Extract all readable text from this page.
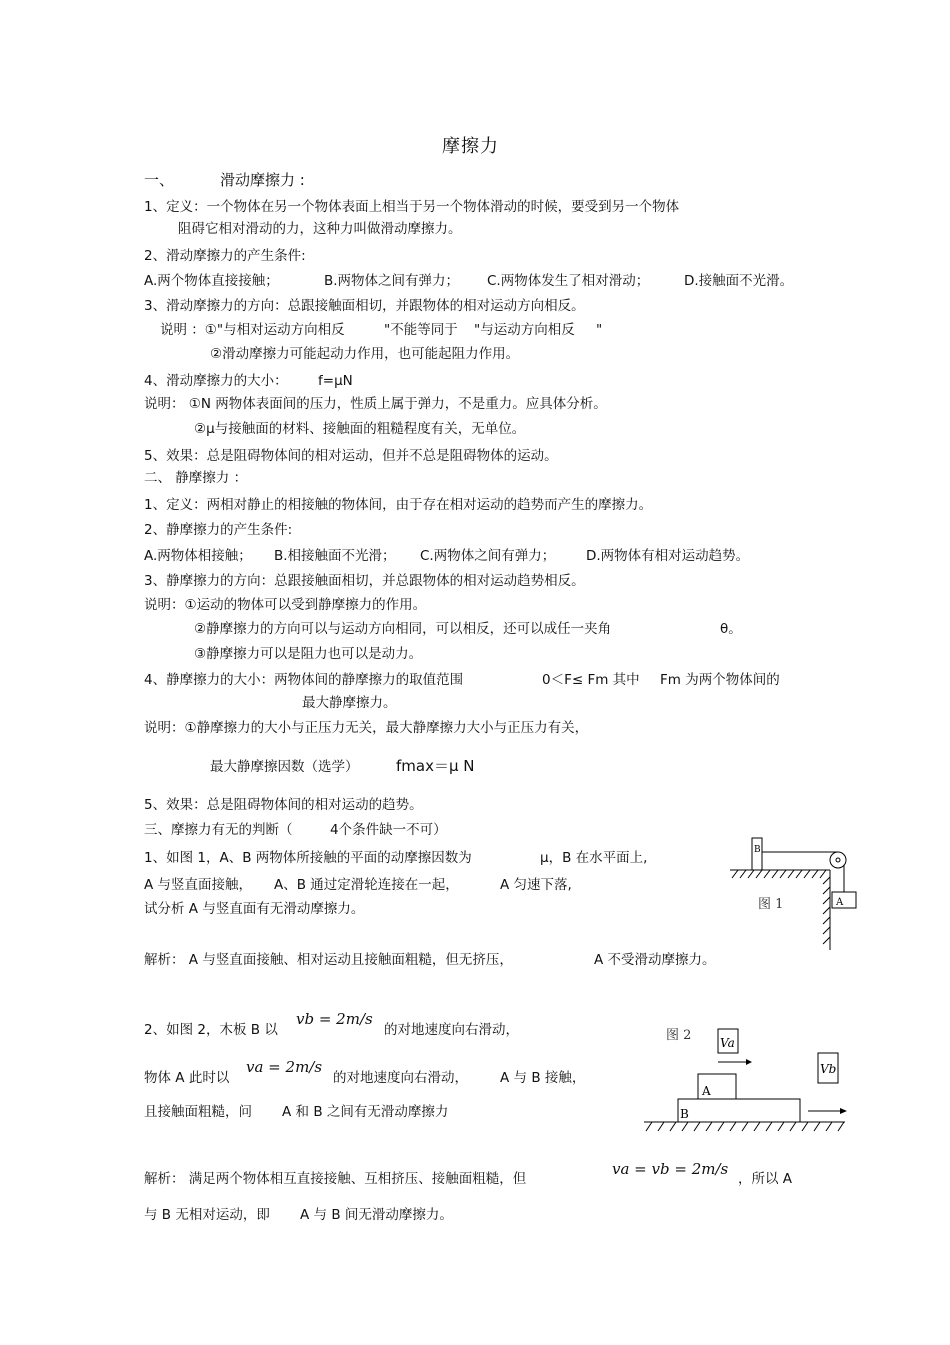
摩擦力
一、	滑动摩擦力 :
1、定义：一个物体在另一个物体表面上相当于另一个物体滑动的时候，要受到另一个物体
阻碍它相对滑动的力，这种力叫做滑动摩擦力。
2、滑动摩擦力的产生条件:
A.两个物体直接接触；	B.两物体之间有弹力； C.两物体发生了相对滑动；	D.接触面不光滑。
3、滑动摩擦力的方向：总跟接触面相切，并跟物体的相对运动方向相反。
说明 ：①"与相对运动方向相反	"不能等同于 "与运动方向相反 "
②滑动摩擦力可能起动力作用，也可能起阻力作用。
4、滑动摩擦力的大小： f=μN
说明： ①N 两物体表面间的压力，性质上属于弹力，不是重力。应具体分析。
②μ与接触面的材料、接触面的粗糙程度有关，无单位。
5、效果：总是阻碍物体间的相对运动，但并不总是阻碍物体的运动。
二、 静摩擦力 ：
1、定义：两相对静止的相接触的物体间，由于存在相对运动的趋势而产生的摩擦力。
2、静摩擦力的产生条件:
A.两物体相接触； B.相接触面不光滑； C.两物体之间有弹力； D.两物体有相对运动趋势。
3、静摩擦力的方向：总跟接触面相切，并总跟物体的相对运动趋势相反。
说明：①运动的物体可以受到静摩擦力的作用。
②静摩擦力的方向可以与运动方向相同，可以相反，还可以成任一夹角	θ。
③静摩擦力可以是阻力也可以是动力。
4、静摩擦力的大小：两物体间的静摩擦力的取值范围	0＜F≤ Fm 其中 Fm 为两个物体间的
最大静摩擦力。
说明：①静摩擦力的大小与正压力无关，最大静摩擦力大小与正压力有关，
最大静摩擦因数（选学）	fmax＝μ N
5、效果：总是阻碍物体间的相对运动的趋势。
三、摩擦力有无的判断（	4个条件缺一不可）
1、如图 1，A、B 两物体所接触的平面的动摩擦因数为	μ，B 在水平面上,
A 与竖直面接触， A、B 通过定滑轮连接在一起，	A 匀速下落,
试分析 A 与竖直面有无滑动摩擦力。
解析： A 与竖直面接触、相对运动且接触面粗糙，但无挤压，	A 不受滑动摩擦力。
B
A
图 1
2、如图 2，木板 B 以
vb = 2m/s
的对地速度向右滑动，
物体 A 此时以
va = 2m/s
的对地速度向右滑动， A 与 B 接触，
且接触面粗糙，问 A 和 B 之间有无滑动摩擦力
解析： 满足两个物体相互直接接触、互相挤压、接触面粗糙，但
va = vb = 2m/s
，所以 A
与 B 无相对运动，即 A 与 B 间无滑动摩擦力。
Va
Vb
A
B
图 2
